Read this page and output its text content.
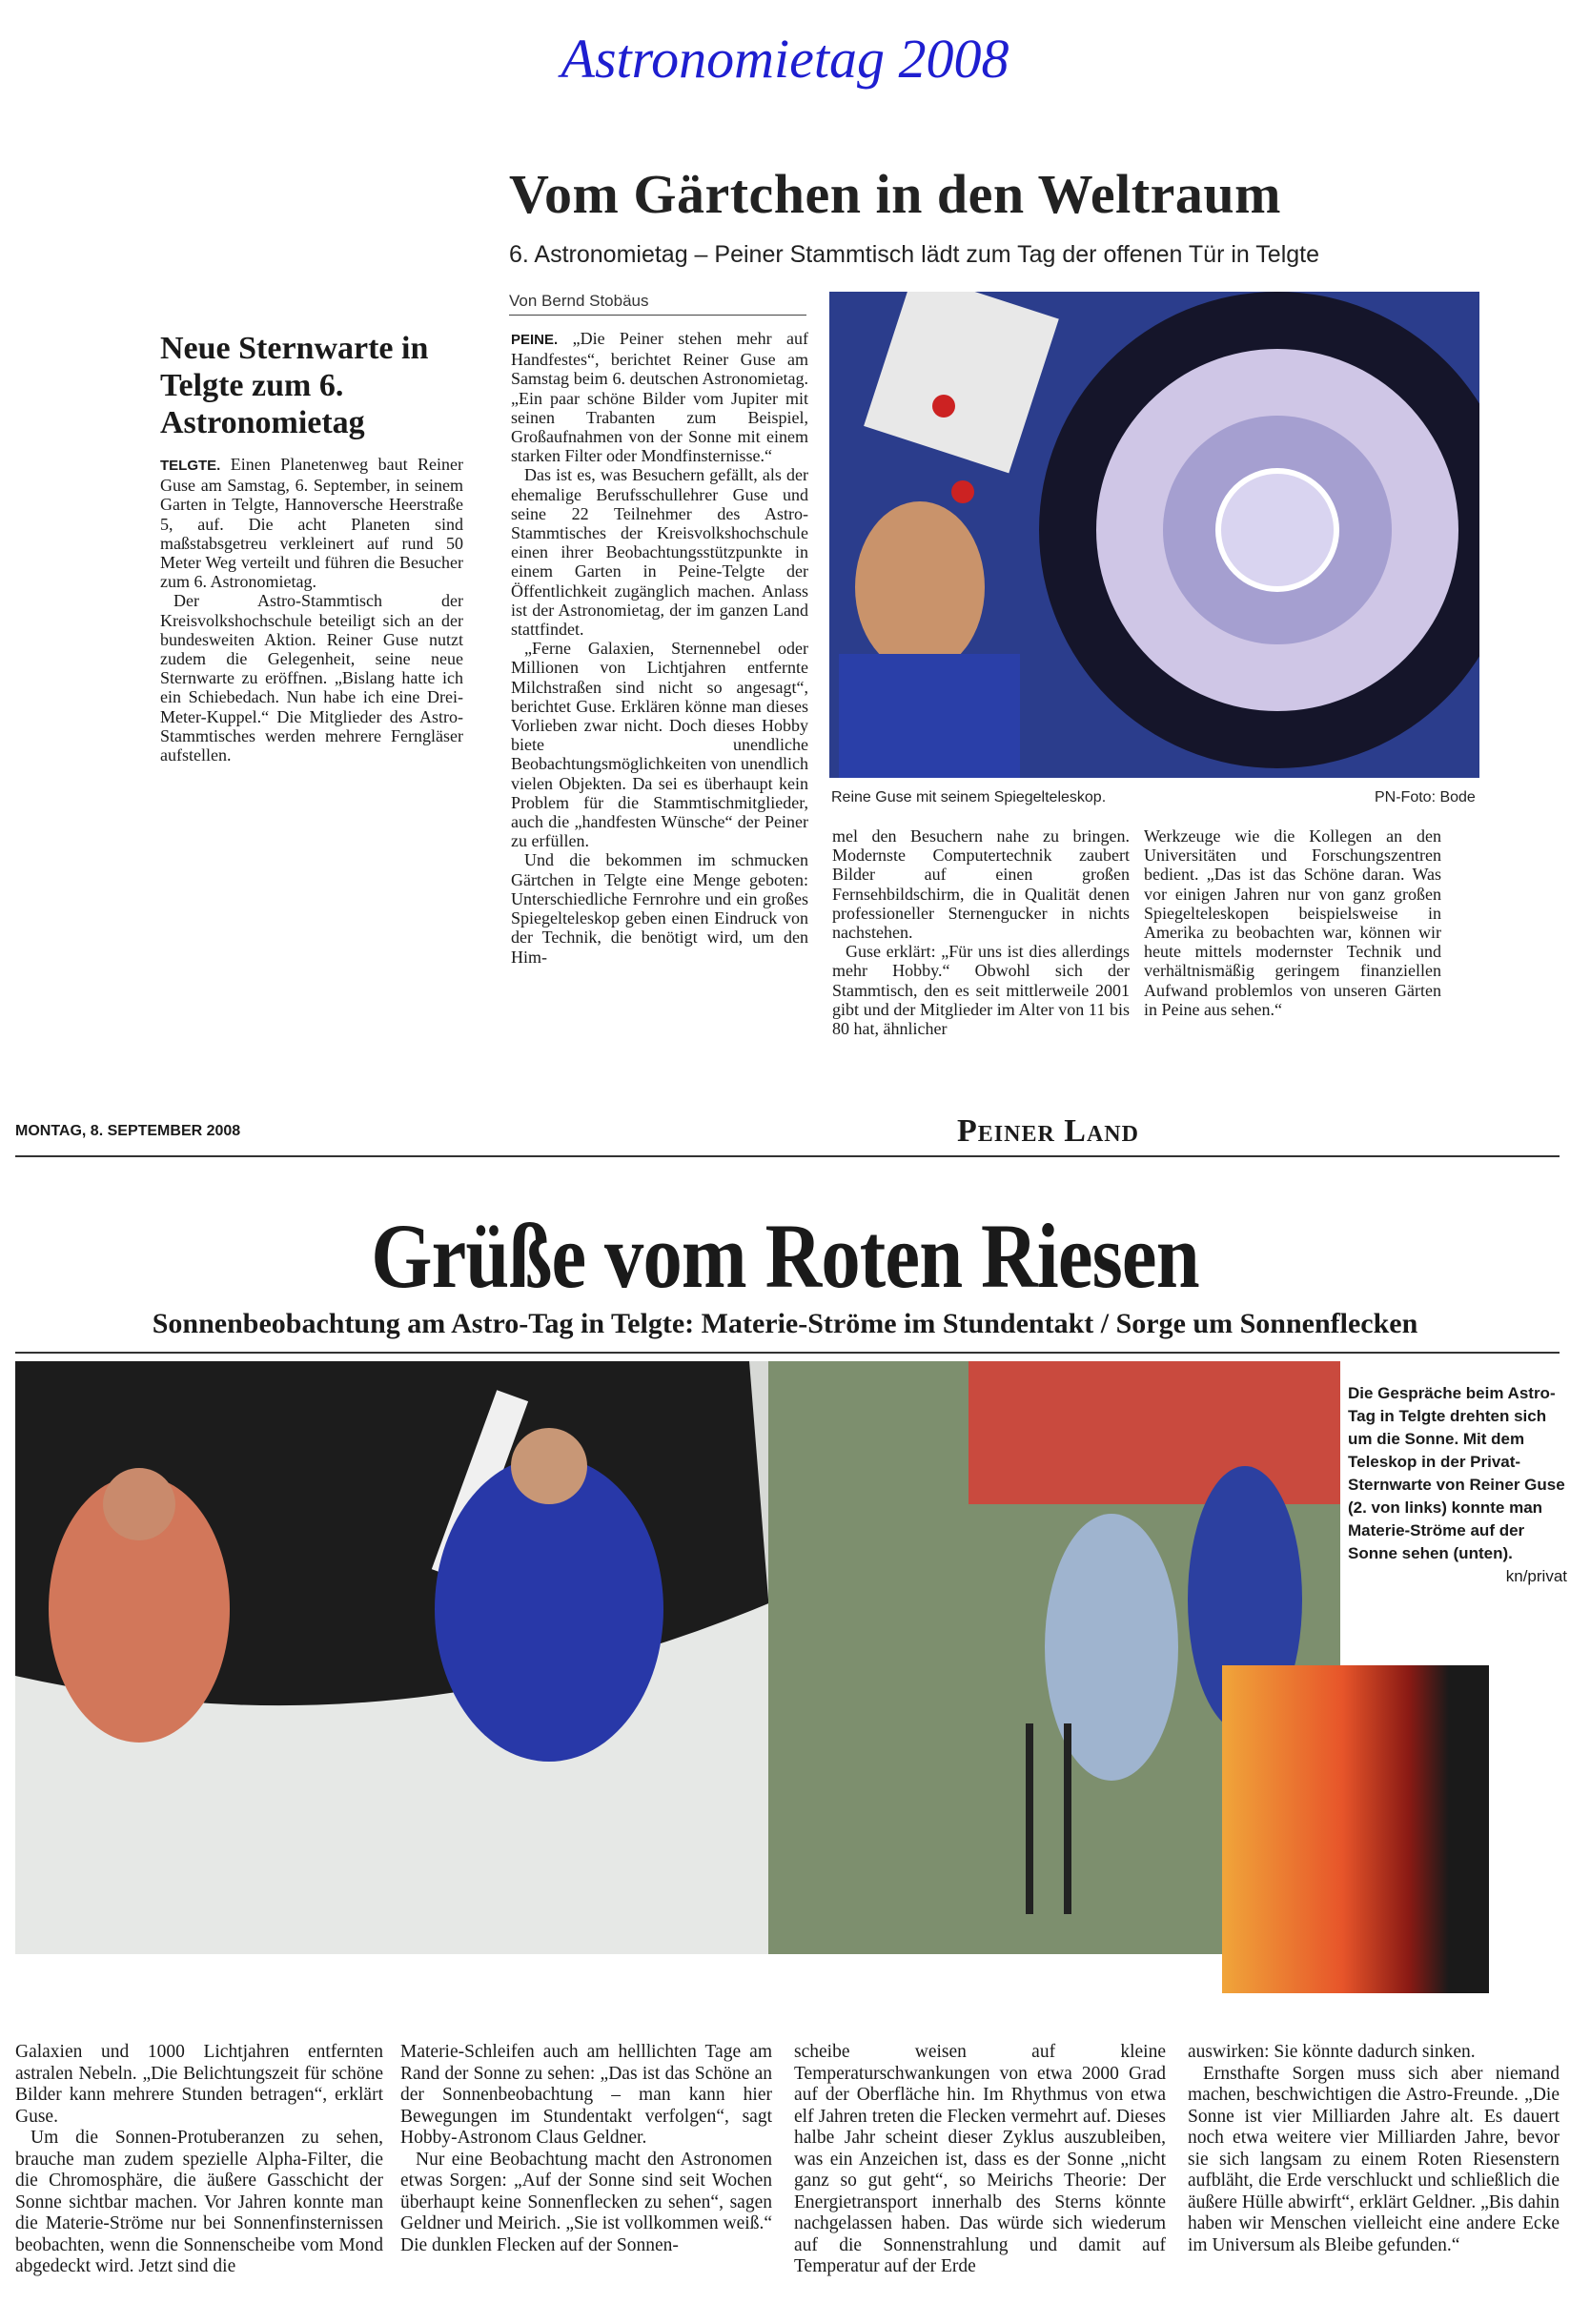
Astronomietag 2008
Vom Gärtchen in den Weltraum
6. Astronomietag – Peiner Stammtisch lädt zum Tag der offenen Tür in Telgte
Von Bernd Stobäus
Neue Sternwarte in Telgte zum 6. Astronomietag

TELGTE. Einen Planetenweg baut Reiner Guse am Samstag, 6. September, in seinem Garten in Telgte, Hannoversche Heerstraße 5, auf. Die acht Planeten sind maßstabsgetreu verkleinert auf rund 50 Meter Weg verteilt und führen die Besucher zum 6. Astronomietag.

Der Astro-Stammtisch der Kreisvolkshochschule beteiligt sich an der bundesweiten Aktion. Reiner Guse nutzt zudem die Gelegenheit, seine neue Sternwarte zu eröffnen. „Bislang hatte ich ein Schiebedach. Nun habe ich eine Drei-Meter-Kuppel.“ Die Mitglieder des Astro-Stammtisches werden mehrere Ferngläser aufstellen.

PEINE. „Die Peiner stehen mehr auf Handfestes“, berichtet Reiner Guse am Samstag beim 6. deutschen Astronomietag. „Ein paar schöne Bilder vom Jupiter mit seinen Trabanten zum Beispiel, Großaufnahmen von der Sonne mit einem starken Filter oder Mondfinsternisse.“

Das ist es, was Besuchern gefällt, als der ehemalige Berufsschullehrer Guse und seine 22 Teilnehmer des Astro-Stammtisches der Kreisvolkshochschule einen ihrer Beobachtungsstützpunkte in einem Garten in Peine-Telgte der Öffentlichkeit zugänglich machen. Anlass ist der Astronomietag, der im ganzen Land stattfindet.

„Ferne Galaxien, Sternennebel oder Millionen von Lichtjahren entfernte Milchstraßen sind nicht so angesagt“, berichtet Guse. Erklären könne man dieses Vorlieben zwar nicht. Doch dieses Hobby biete unendliche Beobachtungsmöglichkeiten von unendlich vielen Objekten. Da sei es überhaupt kein Problem für die Stammtischmitglieder, auch die „handfesten Wünsche“ der Peiner zu erfüllen.

Und die bekommen im schmucken Gärtchen in Telgte eine Menge geboten: Unterschiedliche Fernrohre und ein großes Spiegelteleskop geben einen Eindruck von der Technik, die benötigt wird, um den Him-

Reine Guse mit seinem Spiegelteleskop.	PN-Foto: Bode

mel den Besuchern nahe zu bringen. Modernste Computertechnik zaubert Bilder auf einen großen Fernsehbildschirm, die in Qualität denen professioneller Sternengucker in nichts nachstehen.

Guse erklärt: „Für uns ist dies allerdings mehr Hobby.“ Obwohl sich der Stammtisch, den es seit mittlerweile 2001 gibt und der Mitglieder im Alter von 11 bis 80 hat, ähnlicher

Werkzeuge wie die Kollegen an den Universitäten und Forschungszentren bedient. „Das ist das Schöne daran. Was vor einigen Jahren nur von ganz großen Spiegelteleskopen beispielsweise in Amerika zu beobachten war, können wir heute mittels modernster Technik und verhältnismäßig geringem finanziellen Aufwand problemlos von unseren Gärten in Peine aus sehen.“

MONTAG, 8. SEPTEMBER 2008	Peiner Land
Grüße vom Roten Riesen
Sonnenbeobachtung am Astro-Tag in Telgte: Materie-Ströme im Stundentakt / Sorge um Sonnenflecken
Die Gespräche beim Astro-Tag in Telgte drehten sich um die Sonne. Mit dem Teleskop in der Privat-Sternwarte von Reiner Guse (2. von links) konnte man Materie-Ströme auf der Sonne sehen (unten).
kn/privat

Galaxien und 1000 Lichtjahren entfernten astralen Nebeln. „Die Belichtungszeit für schöne Bilder kann mehrere Stunden betragen“, erklärt Guse.

Um die Sonnen-Protuberanzen zu sehen, brauche man zudem spezielle Alpha-Filter, die die Chromosphäre, die äußere Gasschicht der Sonne sichtbar machen. Vor Jahren konnte man die Materie-Ströme nur bei Sonnenfinsternissen beobachten, wenn die Sonnenscheibe vom Mond abgedeckt wird. Jetzt sind die

Materie-Schleifen auch am helllichten Tage am Rand der Sonne zu sehen: „Das ist das Schöne an der Sonnenbeobachtung – man kann hier Bewegungen im Stundentakt verfolgen“, sagt Hobby-Astronom Claus Geldner.

Nur eine Beobachtung macht den Astronomen etwas Sorgen: „Auf der Sonne sind seit Wochen überhaupt keine Sonnenflecken zu sehen“, sagen Geldner und Meirich. „Sie ist vollkommen weiß.“ Die dunklen Flecken auf der Sonnen-

scheibe weisen auf kleine Temperaturschwankungen von etwa 2000 Grad auf der Oberfläche hin. Im Rhythmus von etwa elf Jahren treten die Flecken vermehrt auf. Dieses halbe Jahr scheint dieser Zyklus auszubleiben, was ein Anzeichen ist, dass es der Sonne „nicht ganz so gut geht“, so Meirichs Theorie: Der Energietransport innerhalb des Sterns könnte nachgelassen haben. Das würde sich wiederum auf die Sonnenstrahlung und damit auf Temperatur auf der Erde

auswirken: Sie könnte dadurch sinken.

Ernsthafte Sorgen muss sich aber niemand machen, beschwichtigen die Astro-Freunde. „Die Sonne ist vier Milliarden Jahre alt. Es dauert noch etwa weitere vier Milliarden Jahre, bevor sie sich langsam zu einem Roten Riesenstern aufbläht, die Erde verschluckt und schließlich die äußere Hülle abwirft“, erklärt Geldner. „Bis dahin haben wir Menschen vielleicht eine andere Ecke im Universum als Bleibe gefunden.“
